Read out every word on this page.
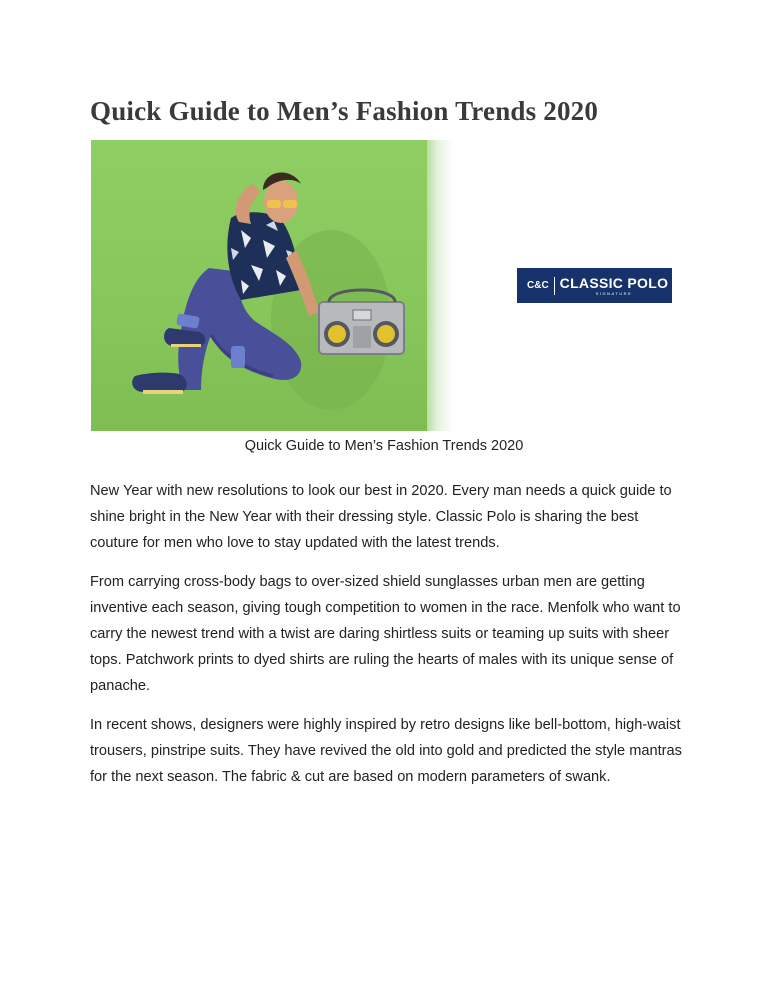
Quick Guide to Men’s Fashion Trends 2020
C&C CLASSIC POLO
SIGNATURE
Quick Guide to Men’s Fashion Trends 2020

New Year with new resolutions to look our best in 2020. Every man needs a quick guide to shine bright in the New Year with their dressing style. Classic Polo is sharing the best couture for men who love to stay updated with the latest trends.

From carrying cross-body bags to over-sized shield sunglasses urban men are getting inventive each season, giving tough competition to women in the race. Menfolk who want to carry the newest trend with a twist are daring shirtless suits or teaming up suits with sheer tops. Patchwork prints to dyed shirts are ruling the hearts of males with its unique sense of panache.

In recent shows, designers were highly inspired by retro designs like bell-bottom, high-waist trousers, pinstripe suits. They have revived the old into gold and predicted the style mantras for the next season. The fabric & cut are based on modern parameters of swank.
